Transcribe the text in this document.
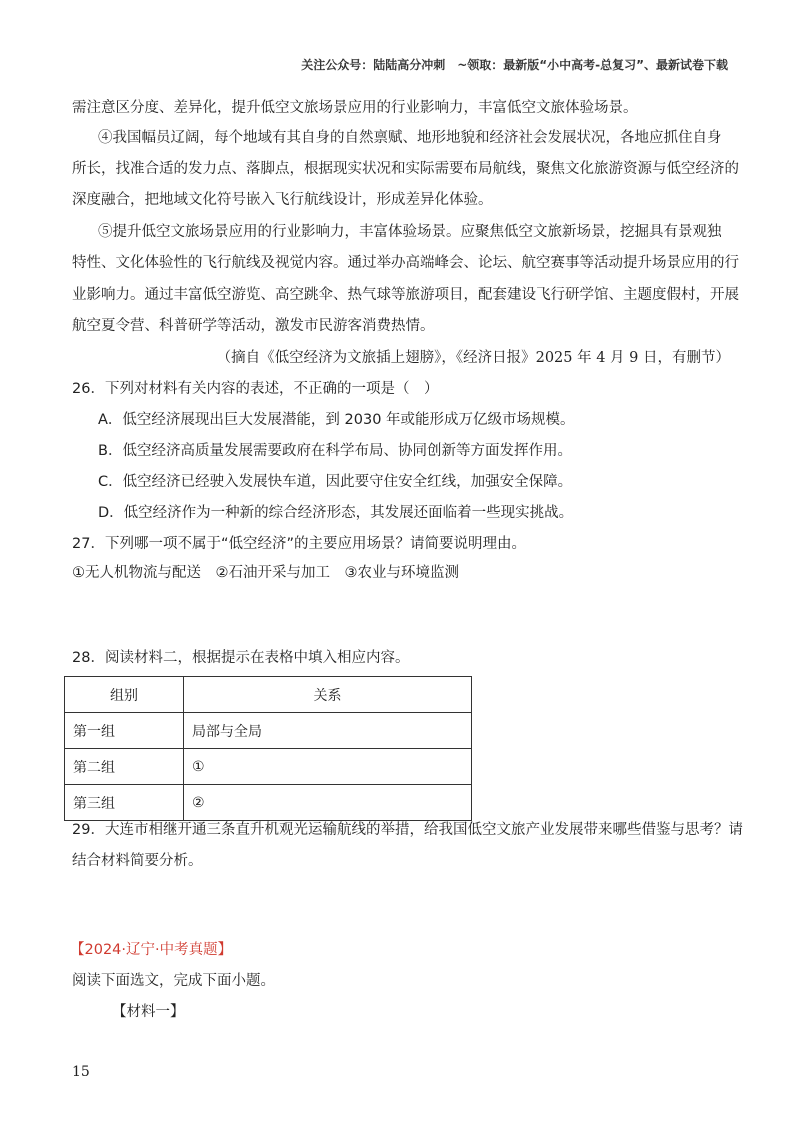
关注公众号：陆陆高分冲刺　~领取：最新版“小中高考-总复习”、最新试卷下载
需注意区分度、差异化，提升低空文旅场景应用的行业影响力，丰富低空文旅体验场景。
④我国幅员辽阔，每个地域有其自身的自然禀赋、地形地貌和经济社会发展状况，各地应抓住自身
所长，找准合适的发力点、落脚点，根据现实状况和实际需要布局航线，聚焦文化旅游资源与低空经济的
深度融合，把地域文化符号嵌入飞行航线设计，形成差异化体验。
⑤提升低空文旅场景应用的行业影响力，丰富体验场景。应聚焦低空文旅新场景，挖掘具有景观独
特性、文化体验性的飞行航线及视觉内容。通过举办高端峰会、论坛、航空赛事等活动提升场景应用的行
业影响力。通过丰富低空游览、高空跳伞、热气球等旅游项目，配套建设飞行研学馆、主题度假村，开展
航空夏令营、科普研学等活动，激发市民游客消费热情。
（摘自《低空经济为文旅插上翅膀》，《经济日报》2025 年 4 月 9 日，有删节）
26．下列对材料有关内容的表述，不正确的一项是（　）
A．低空经济展现出巨大发展潜能，到 2030 年或能形成万亿级市场规模。
B．低空经济高质量发展需要政府在科学布局、协同创新等方面发挥作用。
C．低空经济已经驶入发展快车道，因此要守住安全红线，加强安全保障。
D．低空经济作为一种新的综合经济形态，其发展还面临着一些现实挑战。
27．下列哪一项不属于“低空经济”的主要应用场景？请简要说明理由。
①无人机物流与配送　②石油开采与加工　③农业与环境监测
28．阅读材料二，根据提示在表格中填入相应内容。
组别	关系
第一组	局部与全局
第二组	①
第三组	②
29．大连市相继开通三条直升机观光运输航线的举措，给我国低空文旅产业发展带来哪些借鉴与思考？请
结合材料简要分析。
【2024·辽宁·中考真题】
阅读下面选文，完成下面小题。
【材料一】
15
